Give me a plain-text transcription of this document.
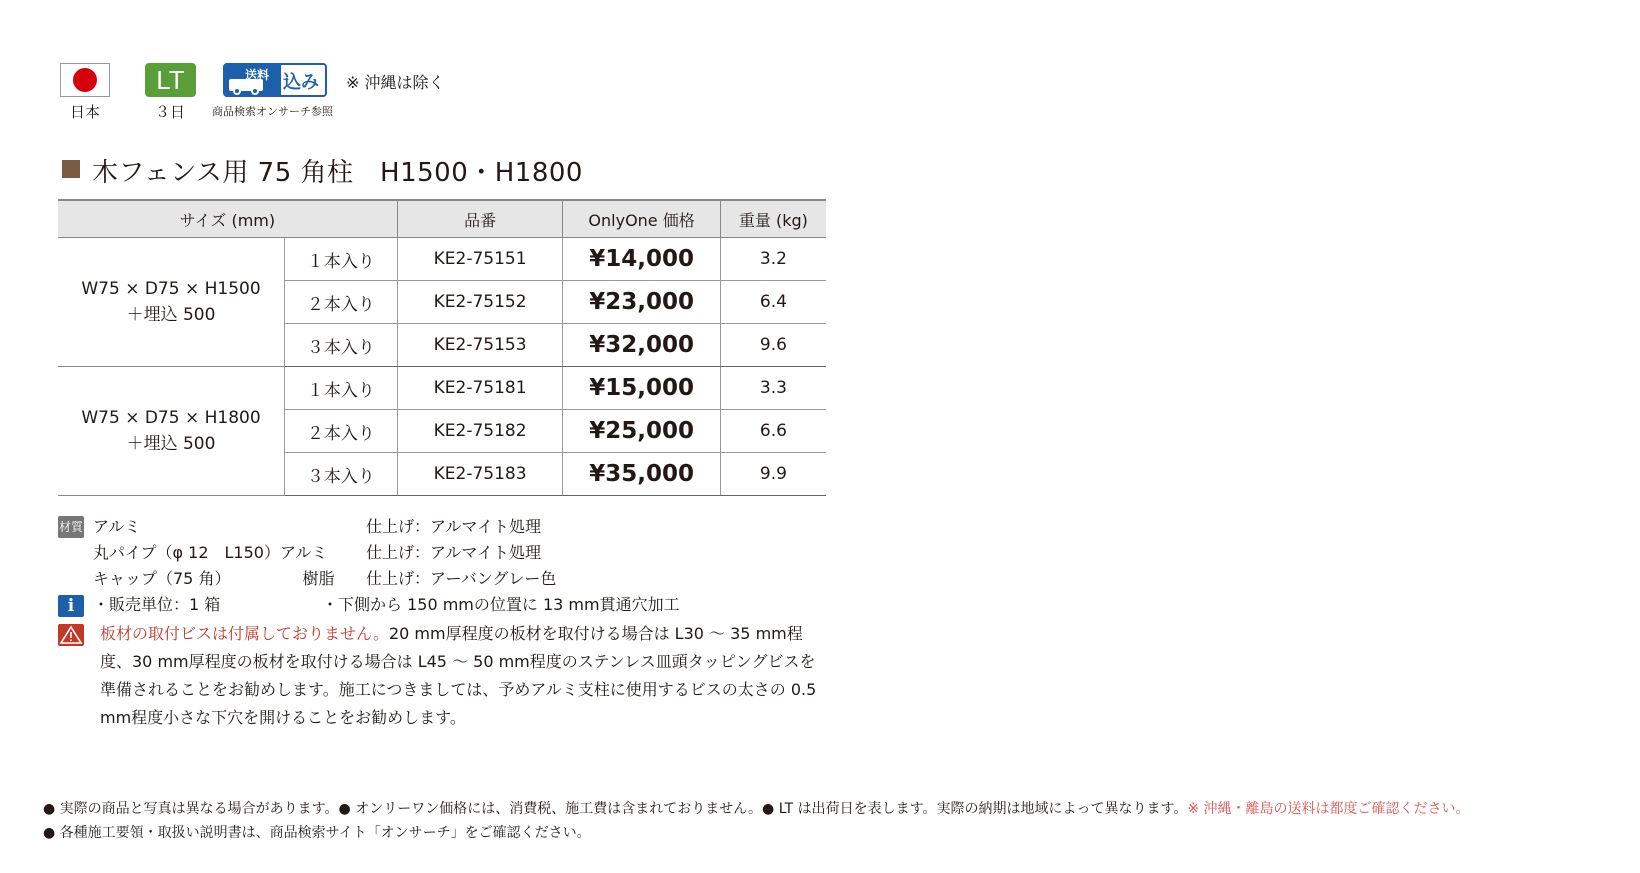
日本
LT
３日
送料 込み
商品検索オンサーチ参照
※ 沖縄は除く
木フェンス用 75 角柱　H1500・H1800
サイズ (mm)		品番	OnlyOne 価格	重量 (kg)

W75 × D75 × H1500
＋埋込 500	１本入り	KE2-75151	¥14,000	3.2
	２本入り	KE2-75152	¥23,000	6.4
	３本入り	KE2-75153	¥32,000	9.6

W75 × D75 × H1800
＋埋込 500	１本入り	KE2-75181	¥15,000	3.3
	２本入り	KE2-75182	¥25,000	6.6
	３本入り	KE2-75183	¥35,000	9.9
材質 アルミ	仕上げ：アルマイト処理
丸パイプ（φ 12　L150）アルミ 仕上げ：アルマイト処理
キャップ（75 角）　　　　　樹脂 仕上げ：アーバングレー色
i	・販売単位：1 箱	・下側から 150 mmの位置に 13 mm貫通穴加工
板材の取付ビスは付属しておりません。20 mm厚程度の板材を取付ける場合は L30 〜 35 mm程度、30 mm厚程度の板材を取付ける場合は L45 〜 50 mm程度のステンレス皿頭タッピングビスを準備されることをお勧めします。施工につきましては、予めアルミ支柱に使用するビスの太さの 0.5 mm程度小さな下穴を開けることをお勧めします。
● 実際の商品と写真は異なる場合があります。● オンリーワン価格には、消費税、施工費は含まれておりません。● LT は出荷日を表します。実際の納期は地域によって異なります。※ 沖縄・離島の送料は都度ご確認ください。
● 各種施工要領・取扱い説明書は、商品検索サイト「オンサーチ」をご確認ください。
